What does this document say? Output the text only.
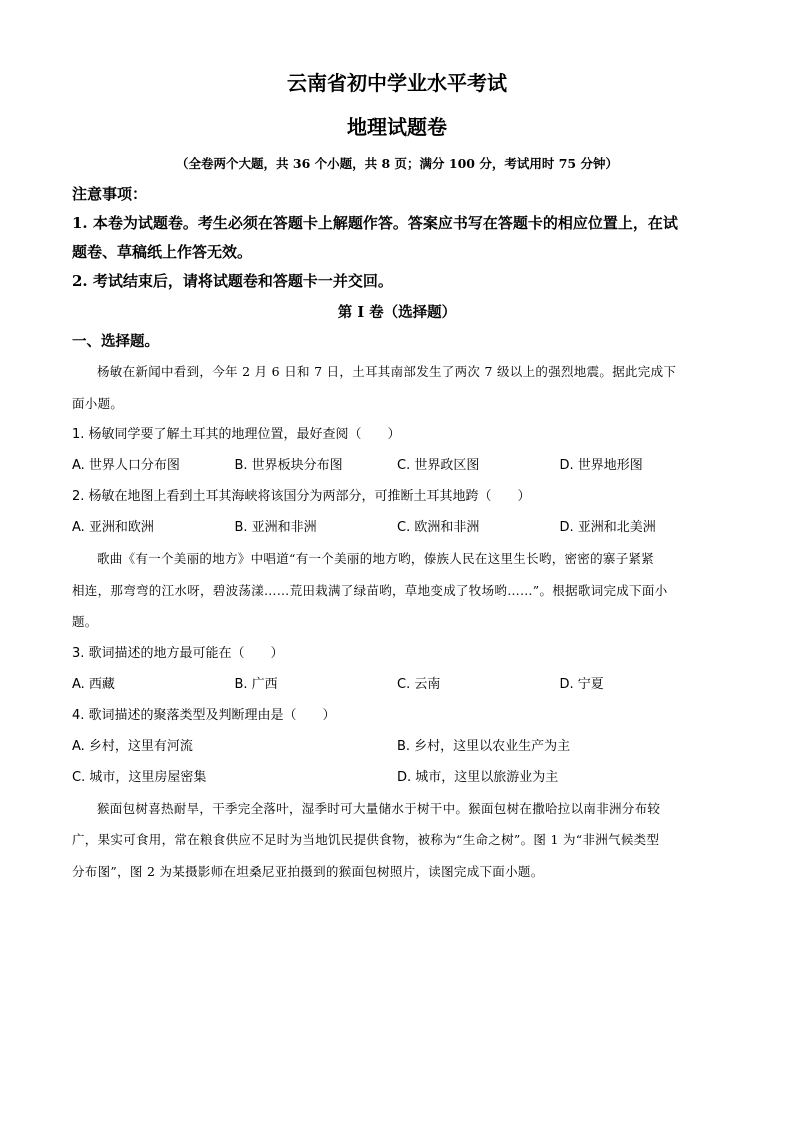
云南省初中学业水平考试
地理试题卷
（全卷两个大题，共 36 个小题，共 8 页；满分 100 分，考试用时 75 分钟）
注意事项：
1. 本卷为试题卷。考生必须在答题卡上解题作答。答案应书写在答题卡的相应位置上，在试
题卷、草稿纸上作答无效。
2. 考试结束后，请将试题卷和答题卡一并交回。
第 I 卷（选择题）
一、选择题。
杨敏在新闻中看到，今年 2 月 6 日和 7 日，土耳其南部发生了两次 7 级以上的强烈地震。据此完成下
面小题。
1. 杨敏同学要了解土耳其的地理位置，最好查阅（　　）
A. 世界人口分布图	B. 世界板块分布图	C. 世界政区图	D. 世界地形图
2. 杨敏在地图上看到土耳其海峡将该国分为两部分，可推断土耳其地跨（　　）
A. 亚洲和欧洲	B. 亚洲和非洲	C. 欧洲和非洲	D. 亚洲和北美洲
歌曲《有一个美丽的地方》中唱道“有一个美丽的地方哟，傣族人民在这里生长哟，密密的寨子紧紧
相连，那弯弯的江水呀，碧波荡漾……荒田栽满了绿苗哟，草地变成了牧场哟……”。根据歌词完成下面小
题。
3. 歌词描述的地方最可能在（　　）
A. 西藏	B. 广西	C. 云南	D. 宁夏
4. 歌词描述的聚落类型及判断理由是（　　）
A. 乡村，这里有河流	B. 乡村，这里以农业生产为主
C. 城市，这里房屋密集	D. 城市，这里以旅游业为主
猴面包树喜热耐旱，干季完全落叶，湿季时可大量储水于树干中。猴面包树在撒哈拉以南非洲分布较
广，果实可食用，常在粮食供应不足时为当地饥民提供食物，被称为“生命之树”。图 1 为“非洲气候类型
分布图”，图 2 为某摄影师在坦桑尼亚拍摄到的猴面包树照片，读图完成下面小题。
